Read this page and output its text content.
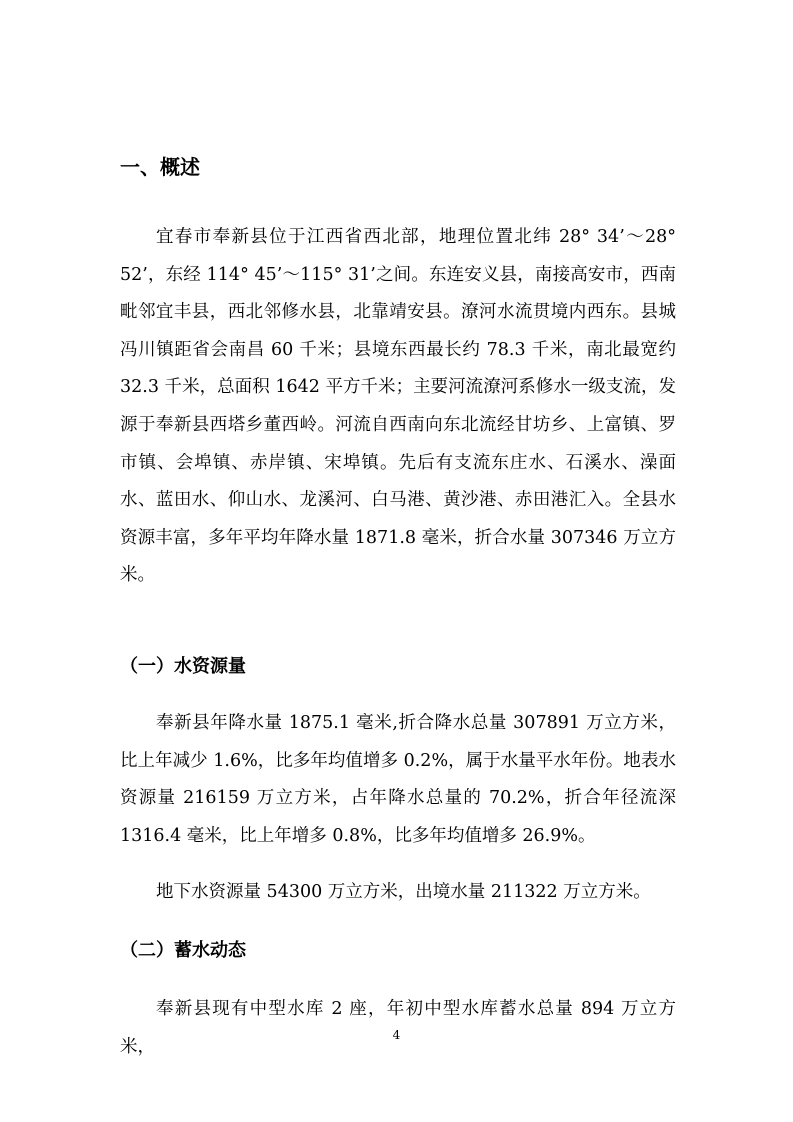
一、概述

宜春市奉新县位于江西省西北部，地理位置北纬 28° 34’～28° 52’，东经 114° 45’～115° 31’之间。东连安义县，南接高安市，西南毗邻宜丰县，西北邻修水县，北靠靖安县。潦河水流贯境内西东。县城冯川镇距省会南昌 60 千米；县境东西最长约 78.3 千米，南北最宽约 32.3 千米，总面积 1642 平方千米；主要河流潦河系修水一级支流，发源于奉新县西塔乡董西岭。河流自西南向东北流经甘坊乡、上富镇、罗市镇、会埠镇、赤岸镇、宋埠镇。先后有支流东庄水、石溪水、澡面水、蓝田水、仰山水、龙溪河、白马港、黄沙港、赤田港汇入。全县水资源丰富，多年平均年降水量 1871.8 毫米，折合水量 307346 万立方米。

（一）水资源量

奉新县年降水量 1875.1 毫米,折合降水总量 307891 万立方米，比上年减少 1.6%，比多年均值增多 0.2%，属于水量平水年份。地表水资源量 216159 万立方米，占年降水总量的 70.2%，折合年径流深 1316.4 毫米，比上年增多 0.8%，比多年均值增多 26.9%。

地下水资源量 54300 万立方米，出境水量 211322 万立方米。

（二）蓄水动态

奉新县现有中型水库 2 座，年初中型水库蓄水总量 894 万立方米，

4
